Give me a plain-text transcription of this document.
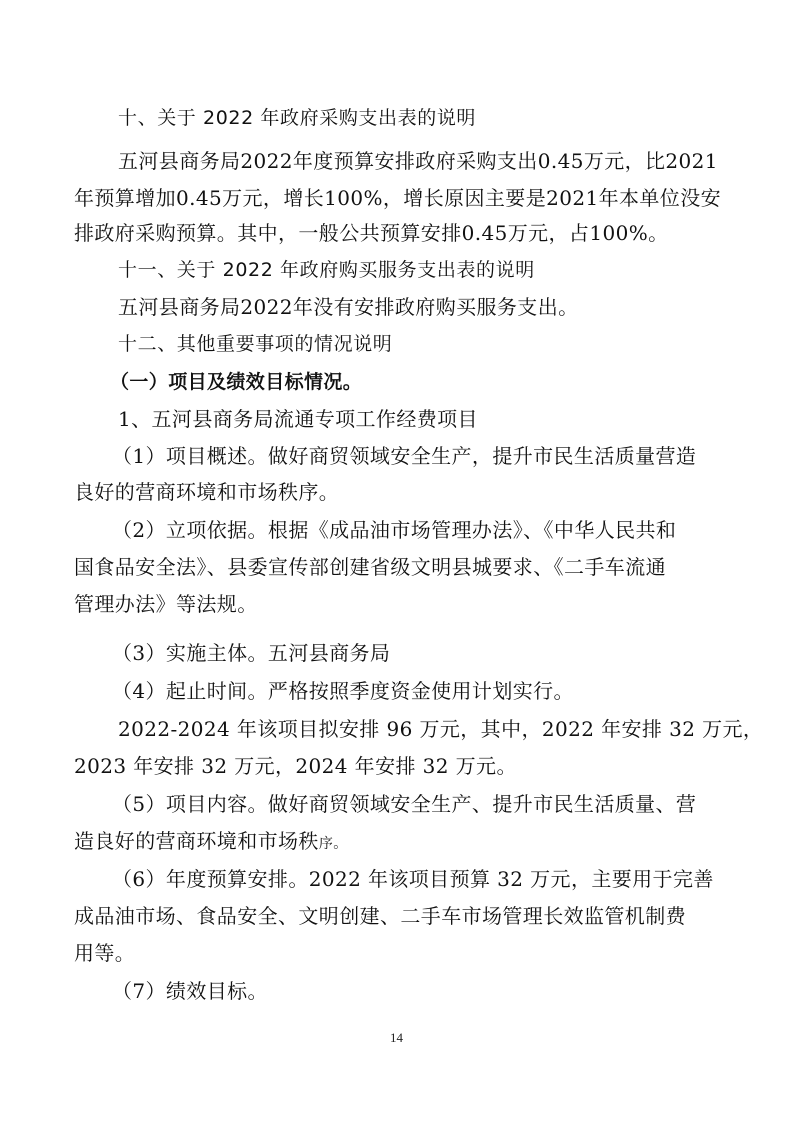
十、关于 2022 年政府采购支出表的说明
五河县商务局2022年度预算安排政府采购支出0.45万元，比2021
年预算增加0.45万元，增长100%，增长原因主要是2021年本单位没安
排政府采购预算。其中，一般公共预算安排0.45万元，占100%。
十一、关于 2022 年政府购买服务支出表的说明
五河县商务局2022年没有安排政府购买服务支出。
十二、其他重要事项的情况说明
（一）项目及绩效目标情况。
1、五河县商务局流通专项工作经费项目
（1）项目概述。做好商贸领域安全生产，提升市民生活质量营造
良好的营商环境和市场秩序。
（2）立项依据。根据《成品油市场管理办法》、《中华人民共和
国食品安全法》、县委宣传部创建省级文明县城要求、《二手车流通
管理办法》等法规。
（3）实施主体。五河县商务局
（4）起止时间。严格按照季度资金使用计划实行。
2022-2024 年该项目拟安排 96 万元，其中，2022 年安排 32 万元，
2023 年安排 32 万元，2024 年安排 32 万元。
（5）项目内容。做好商贸领域安全生产、提升市民生活质量、营
造良好的营商环境和市场秩序。
（6）年度预算安排。2022 年该项目预算 32 万元，主要用于完善
成品油市场、食品安全、文明创建、二手车市场管理长效监管机制费
用等。
（7）绩效目标。
14
